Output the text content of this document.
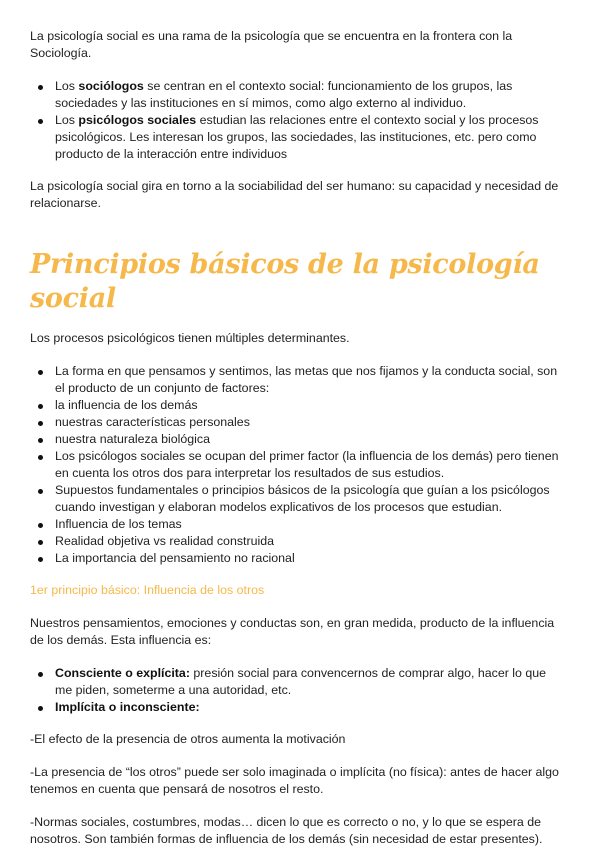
La psicología social es una rama de la psicología que se encuentra en la frontera con la Sociología.

Los sociólogos se centran en el contexto social: funcionamiento de los grupos, las sociedades y las instituciones en sí mimos, como algo externo al individuo.
Los psicólogos sociales estudian las relaciones entre el contexto social y los procesos psicológicos. Les interesan los grupos, las sociedades, las instituciones, etc. pero como producto de la interacción entre individuos

La psicología social gira en torno a la sociabilidad del ser humano: su capacidad y necesidad de relacionarse.

Principios básicos de la psicología social

Los procesos psicológicos tienen múltiples determinantes.

La forma en que pensamos y sentimos, las metas que nos fijamos y la conducta social, son el producto de un conjunto de factores:
la influencia de los demás
nuestras características personales
nuestra naturaleza biológica
Los psicólogos sociales se ocupan del primer factor (la influencia de los demás) pero tienen en cuenta los otros dos para interpretar los resultados de sus estudios.
Supuestos fundamentales o principios básicos de la psicología que guían a los psicólogos cuando investigan y elaboran modelos explicativos de los procesos que estudian.
Influencia de los temas
Realidad objetiva vs realidad construida
La importancia del pensamiento no racional

1er principio básico: Influencia de los otros

Nuestros pensamientos, emociones y conductas son, en gran medida, producto de la influencia de los demás. Esta influencia es:

Consciente o explícita: presión social para convencernos de comprar algo, hacer lo que me piden, someterme a una autoridad, etc.
Implícita o inconsciente:

-El efecto de la presencia de otros aumenta la motivación

-La presencia de “los otros” puede ser solo imaginada o implícita (no física): antes de hacer algo tenemos en cuenta que pensará de nosotros el resto.

-Normas sociales, costumbres, modas… dicen lo que es correcto o no, y lo que se espera de nosotros. Son también formas de influencia de los demás (sin necesidad de estar presentes).
